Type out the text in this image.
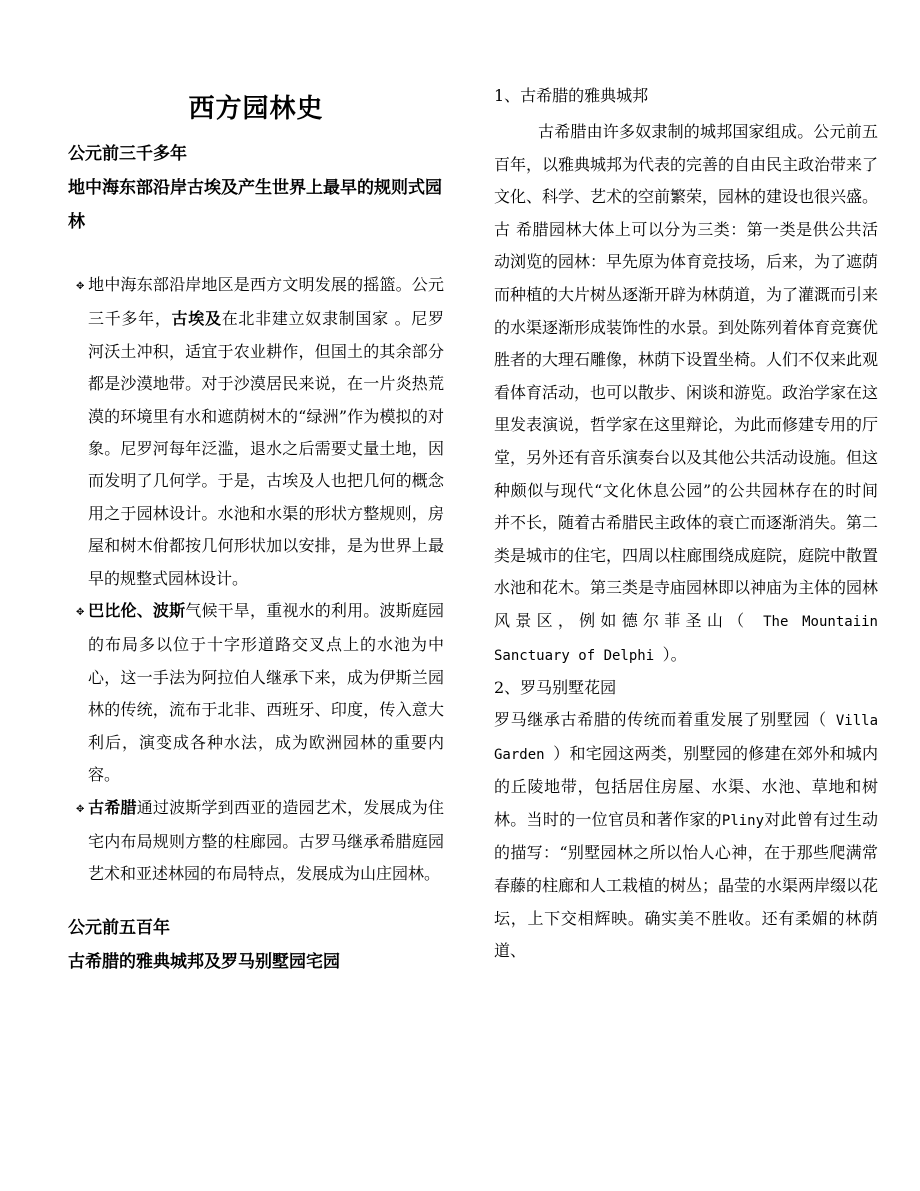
西方园林史
公元前三千多年
地中海东部沿岸古埃及产生世界上最早的规则式园林
✥ 地中海东部沿岸地区是西方文明发展的摇篮。公元三千多年，古埃及在北非建立奴隶制国家 。尼罗河沃土冲积，适宜于农业耕作，但国土的其余部分都是沙漠地带。对于沙漠居民来说，在一片炎热荒漠的环境里有水和遮荫树木的“绿洲”作为模拟的对象。尼罗河每年泛滥，退水之后需要丈量土地，因而发明了几何学。于是，古埃及人也把几何的概念用之于园林设计。水池和水渠的形状方整规则，房屋和树木佾都按几何形状加以安排，是为世界上最早的规整式园林设计。
✥ 巴比伦、波斯气候干旱，重视水的利用。波斯庭园的布局多以位于十字形道路交叉点上的水池为中心，这一手法为阿拉伯人继承下来，成为伊斯兰园林的传统，流布于北非、西班牙、印度，传入意大利后，演变成各种水法，成为欧洲园林的重要内容。
✥ 古希腊通过波斯学到西亚的造园艺术，发展成为住宅内布局规则方整的柱廊园。古罗马继承希腊庭园艺术和亚述林园的布局特点，发展成为山庄园林。
公元前五百年
古希腊的雅典城邦及罗马别墅园宅园
1、古希腊的雅典城邦
古希腊由许多奴隶制的城邦国家组成。公元前五百年，以雅典城邦为代表的完善的自由民主政治带来了文化、科学、艺术的空前繁荣，园林的建设也很兴盛。古 希腊园林大体上可以分为三类：第一类是供公共活动浏览的园林：早先原为体育竞技场，后来，为了遮荫而种植的大片树丛逐渐开辟为林荫道，为了灌溉而引来的水渠逐渐形成装饰性的水景。到处陈列着体育竞赛优胜者的大理石雕像，林荫下设置坐椅。人们不仅来此观看体育活动，也可以散步、闲谈和游览。政治学家在这里发表演说，哲学家在这里辩论，为此而修建专用的厅堂，另外还有音乐演奏台以及其他公共活动设施。但这种颇似与现代“文化休息公园”的公共园林存在的时间并不长，随着古希腊民主政体的衰亡而逐渐消失。第二类是城市的住宅，四周以柱廊围绕成庭院，庭院中散置水池和花木。第三类是寺庙园林即以神庙为主体的园林风景区，例如德尔菲圣山（ The Mountaiin Sanctuary of Delphi ）。
2、罗马别墅花园
罗马继承古希腊的传统而着重发展了别墅园（ Villa Garden ）和宅园这两类，别墅园的修建在郊外和城内的丘陵地带，包括居住房屋、水渠、水池、草地和树林。当时的一位官员和著作家的Pliny对此曾有过生动的描写：“别墅园林之所以怡人心神，在于那些爬满常春藤的柱廊和人工栽植的树丛；晶莹的水渠两岸缀以花坛，上下交相辉映。确实美不胜收。还有柔媚的林荫道、
